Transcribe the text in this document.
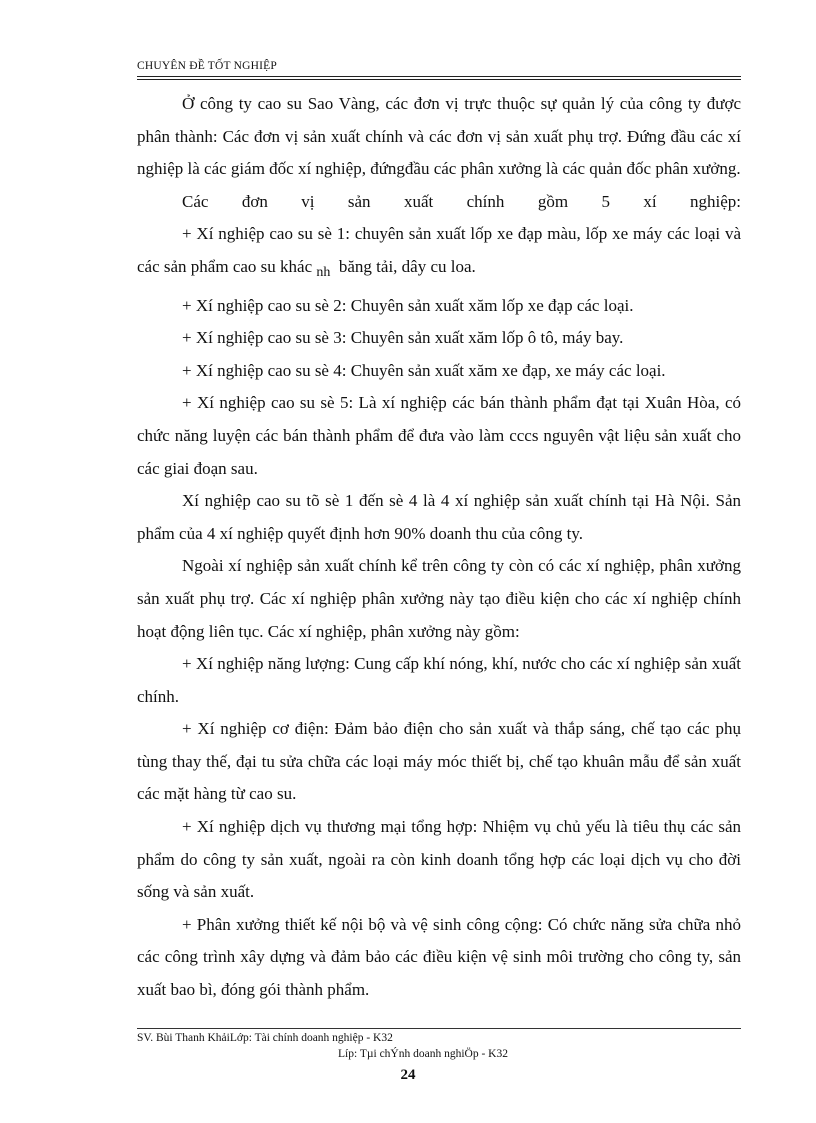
CHUYÊN ĐỀ TỐT NGHIỆP

Ở công ty cao su Sao Vàng, các đơn vị trực thuộc sự quản lý của công ty được phân thành: Các đơn vị sản xuất chính và các đơn vị sản xuất phụ trợ. Đứng đầu các xí nghiệp là các giám đốc xí nghiệp, đứngđầu các phân xưởng là các quản đốc phân xưởng.

Các đơn vị sản xuất chính gồm 5 xí nghiệp:

+ Xí nghiệp cao su sè 1: chuyên sản xuất lốp xe đạp màu, lốp xe máy các loại và các sản phẩm cao su khác $_{nh}$ băng tải, dây cu loa.

+ Xí nghiệp cao su sè 2: Chuyên sản xuất xăm lốp xe đạp các loại.

+ Xí nghiệp cao su sè 3: Chuyên sản xuất xăm lốp ô tô, máy bay.

+ Xí nghiệp cao su sè 4: Chuyên sản xuất xăm xe đạp, xe máy các loại.

+ Xí nghiệp cao su sè 5: Là xí nghiệp các bán thành phẩm đạt tại Xuân Hòa, có chức năng luyện các bán thành phẩm để đưa vào làm cccs nguyên vật liệu sản xuất cho các giai đoạn sau.

Xí nghiệp cao su tõ sè 1 đến sè 4 là 4 xí nghiệp sản xuất chính tại Hà Nội. Sản phẩm của 4 xí nghiệp quyết định hơn 90% doanh thu của công ty.

Ngoài xí nghiệp sản xuất chính kể trên công ty còn có các xí nghiệp, phân xưởng sản xuất phụ trợ. Các xí nghiệp phân xưởng này tạo điều kiện cho các xí nghiệp chính hoạt động liên tục. Các xí nghiệp, phân xưởng này gồm:

+ Xí nghiệp năng lượng: Cung cấp khí nóng, khí, nước cho các xí nghiệp sản xuất chính.

+ Xí nghiệp cơ điện: Đảm bảo điện cho sản xuất và thắp sáng, chế tạo các phụ tùng thay thế, đại tu sửa chữa các loại máy móc thiết bị, chế tạo khuân mẫu để sản xuất các mặt hàng từ cao su.

+ Xí nghiệp dịch vụ thương mại tổng hợp: Nhiệm vụ chủ yếu là tiêu thụ các sản phẩm do công ty sản xuất, ngoài ra còn kinh doanh tổng hợp các loại dịch vụ cho đời sống và sản xuất.

+ Phân xưởng thiết kế nội bộ và vệ sinh công cộng: Có chức năng sửa chữa nhỏ các công trình xây dựng và đảm bảo các điều kiện vệ sinh môi trường cho công ty, sản xuất bao bì, đóng gói thành phẩm.

SV. Bùi Thanh KhảiLớp: Tài chính doanh nghiệp - K32
Líp: Tµi chÝnh doanh nghiÖp - K32
24
